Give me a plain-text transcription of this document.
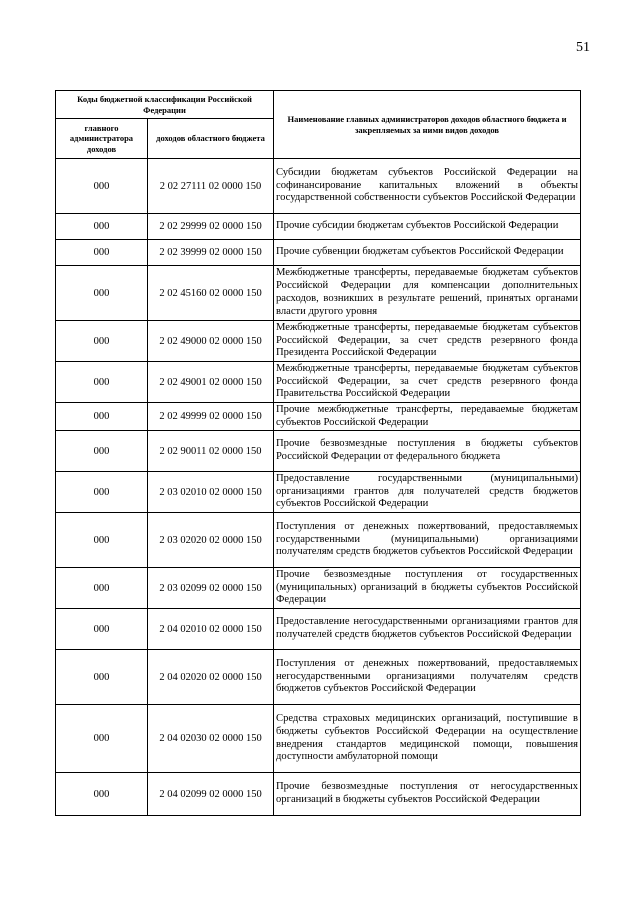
51
Коды бюджетной классификации Российской Федерации		Наименование главных администраторов доходов областного бюджета и закрепляемых за ними видов доходов
главного администратора доходов	доходов областного бюджета	
000	2 02 27111 02 0000 150	Субсидии бюджетам субъектов Российской Федерации на софинансирование капитальных вложений в объекты государственной собственности субъектов Российской Федерации
000	2 02 29999 02 0000 150	Прочие субсидии бюджетам субъектов Российской Федерации
000	2 02 39999 02 0000 150	Прочие субвенции бюджетам субъектов Российской Федерации
000	2 02 45160 02 0000 150	Межбюджетные трансферты, передаваемые бюджетам субъектов Российской Федерации для компенсации дополнительных расходов, возникших в результате решений, принятых органами власти другого уровня
000	2 02 49000 02 0000 150	Межбюджетные трансферты, передаваемые бюджетам субъектов Российской Федерации, за счет средств резервного фонда Президента Российской Федерации
000	2 02 49001 02 0000 150	Межбюджетные трансферты, передаваемые бюджетам субъектов Российской Федерации, за счет средств резервного фонда Правительства Российской Федерации
000	2 02 49999 02 0000 150	Прочие межбюджетные трансферты, передаваемые бюджетам субъектов Российской Федерации
000	2 02 90011 02 0000 150	Прочие безвозмездные поступления в бюджеты субъектов Российской Федерации от федерального бюджета
000	2 03 02010 02 0000 150	Предоставление государственными (муниципальными) организациями грантов для получателей средств бюджетов субъектов Российской Федерации
000	2 03 02020 02 0000 150	Поступления от денежных пожертвований, предоставляемых государственными (муниципальными) организациями получателям средств бюджетов субъектов Российской Федерации
000	2 03 02099 02 0000 150	Прочие безвозмездные поступления от государственных (муниципальных) организаций в бюджеты субъектов Российской Федерации
000	2 04 02010 02 0000 150	Предоставление негосударственными организациями грантов для получателей средств бюджетов субъектов Российской Федерации
000	2 04 02020 02 0000 150	Поступления от денежных пожертвований, предоставляемых негосударственными организациями получателям средств бюджетов субъектов Российской Федерации
000	2 04 02030 02 0000 150	Средства страховых медицинских организаций, поступившие в бюджеты субъектов Российской Федерации на осуществление внедрения стандартов медицинской помощи, повышения доступности амбулаторной помощи
000	2 04 02099 02 0000 150	Прочие безвозмездные поступления от негосударственных организаций в бюджеты субъектов Российской Федерации
